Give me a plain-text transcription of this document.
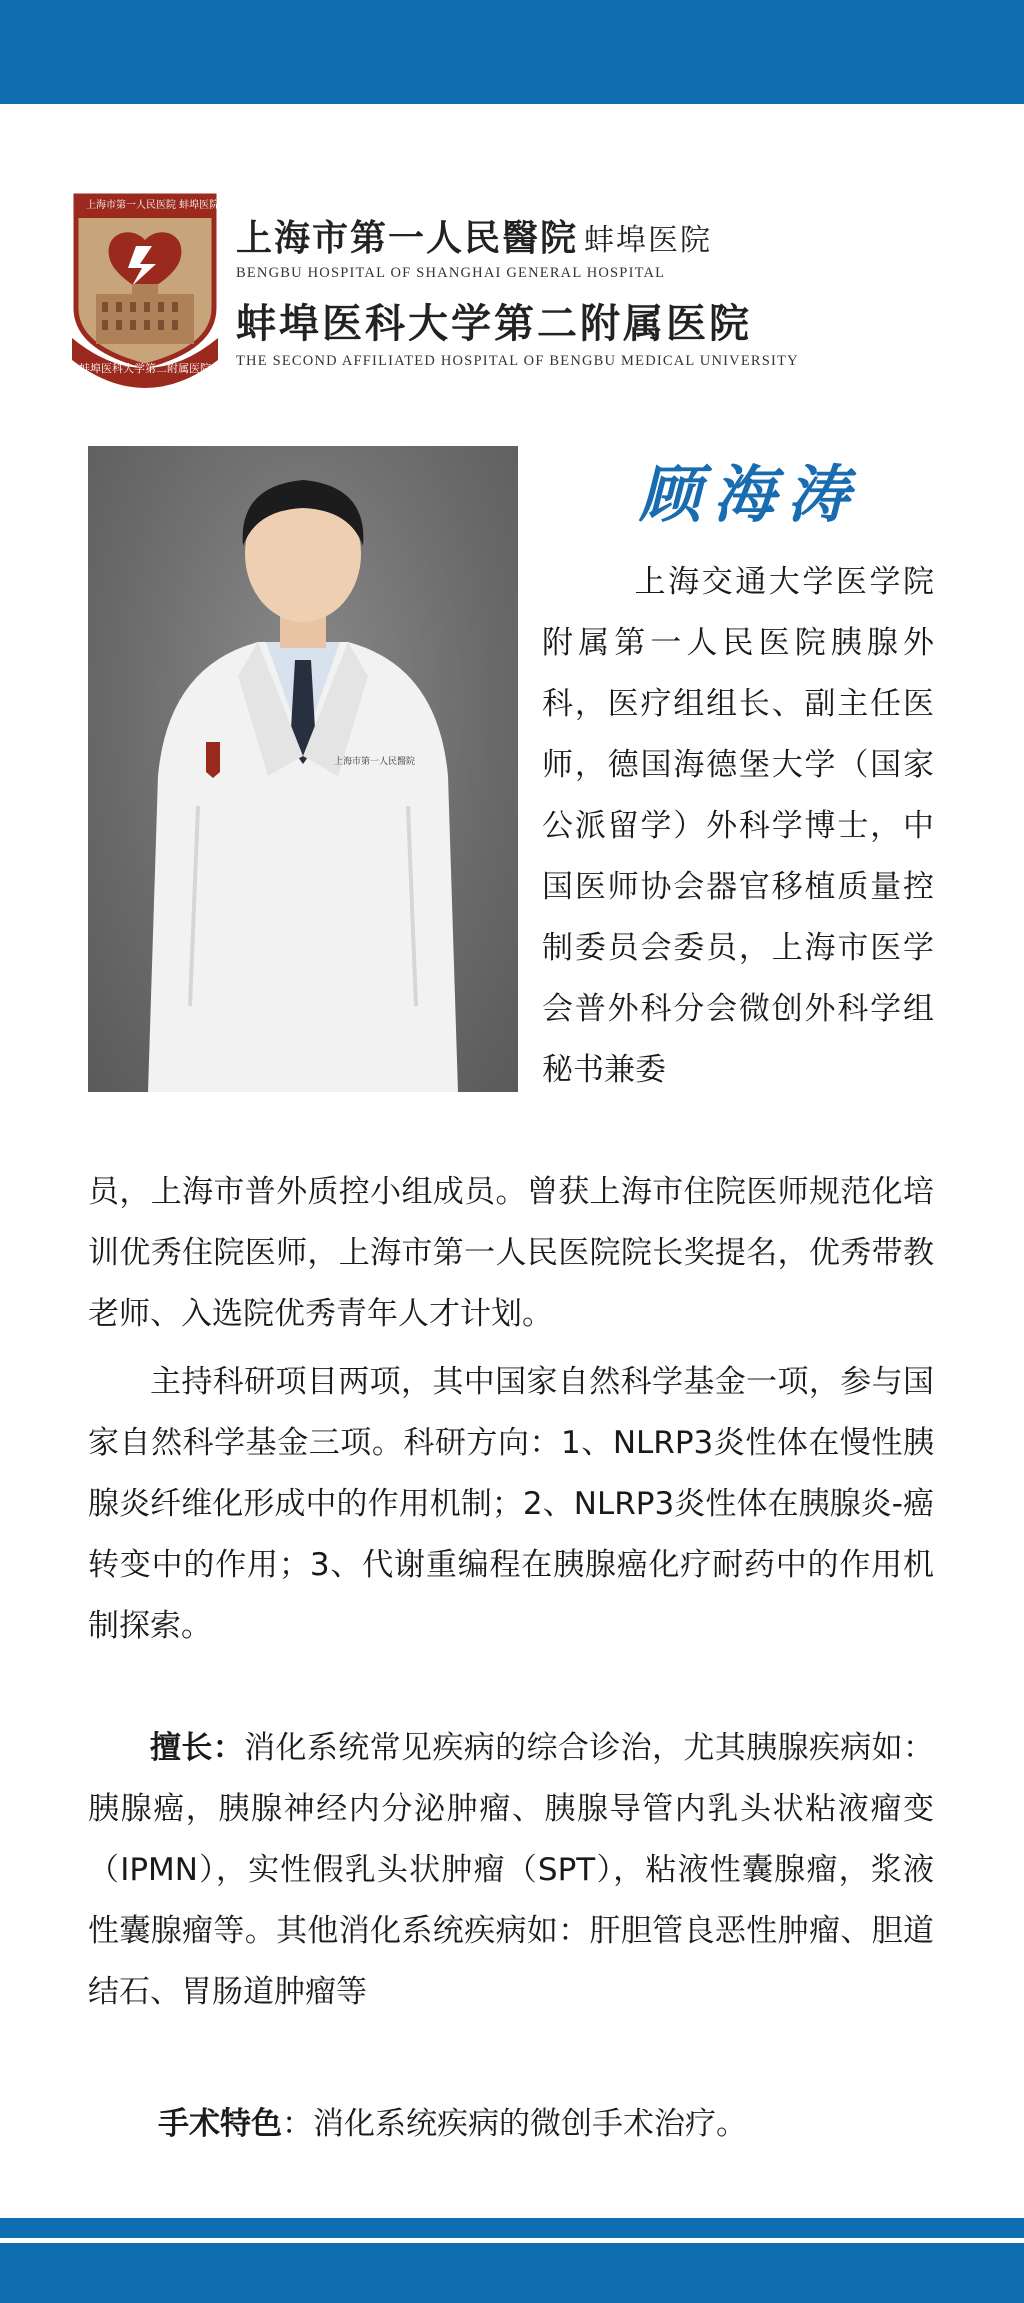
上海市第一人民医院 蚌埠医院
蚌埠医科大学第二附属医院
上海市第一人民醫院 蚌埠医院
BENGBU HOSPITAL OF SHANGHAI GENERAL HOSPITAL
蚌埠医科大学第二附属医院
THE SECOND AFFILIATED HOSPITAL OF BENGBU MEDICAL UNIVERSITY
上海市第一人民醫院
顾海涛
上海交通大学医学院附属第一人民医院胰腺外科，医疗组组长、副主任医师，德国海德堡大学（国家公派留学）外科学博士，中国医师协会器官移植质量控制委员会委员，上海市医学会普外科分会微创外科学组秘书兼委
员，上海市普外质控小组成员。曾获上海市住院医师规范化培训优秀住院医师，上海市第一人民医院院长奖提名，优秀带教老师、入选院优秀青年人才计划。
主持科研项目两项，其中国家自然科学基金一项，参与国家自然科学基金三项。科研方向：1、NLRP3炎性体在慢性胰腺炎纤维化形成中的作用机制；2、NLRP3炎性体在胰腺炎-癌转变中的作用；3、代谢重编程在胰腺癌化疗耐药中的作用机制探索。
擅长：消化系统常见疾病的综合诊治，尤其胰腺疾病如：胰腺癌，胰腺神经内分泌肿瘤、胰腺导管内乳头状粘液瘤变（IPMN），实性假乳头状肿瘤（SPT），粘液性囊腺瘤，浆液性囊腺瘤等。其他消化系统疾病如：肝胆管良恶性肿瘤、胆道结石、胃肠道肿瘤等
手术特色：消化系统疾病的微创手术治疗。
